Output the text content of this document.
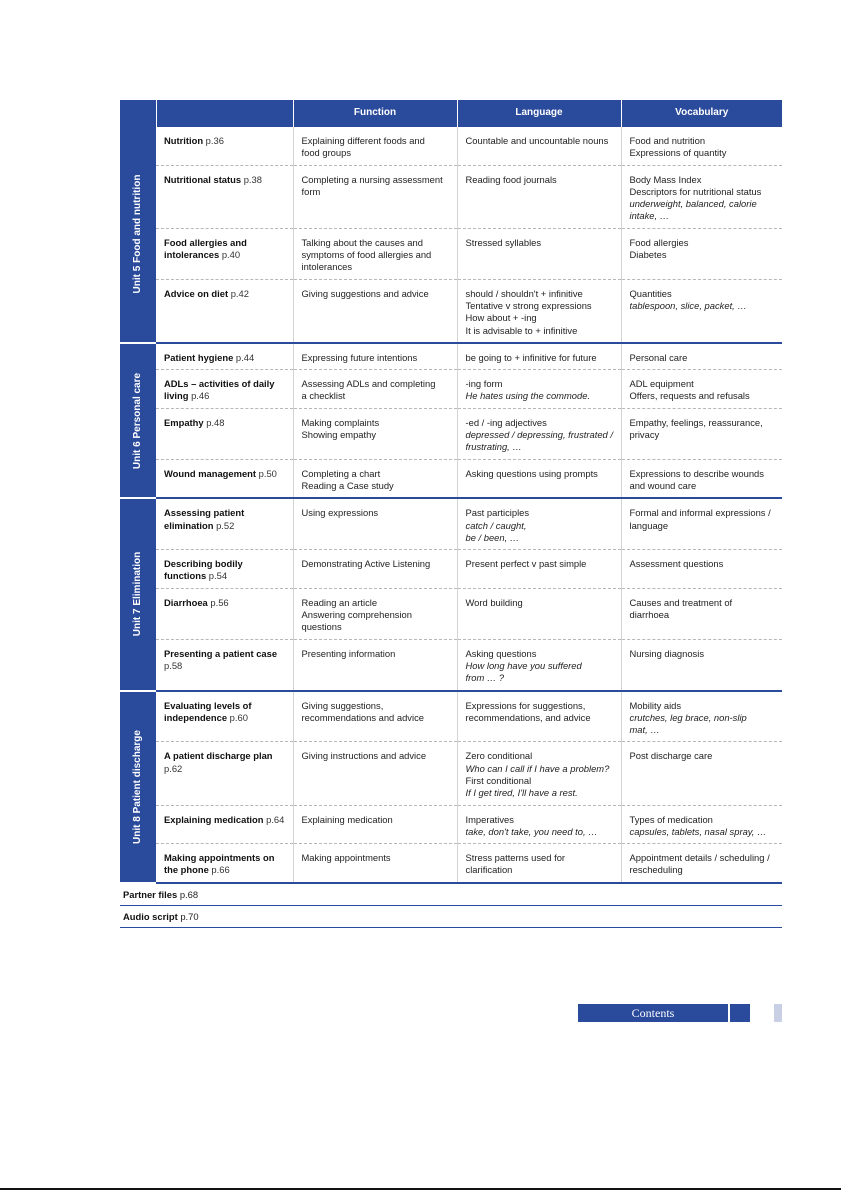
		Function	Language	Vocabulary

Unit 5 Food and nutrition	Nutrition p.36	Explaining different foods and
food groups	Countable and uncountable nouns	Food and nutrition
Expressions of quantity

	Nutritional status p.38	Completing a nursing assessment
form	Reading food journals	Body Mass Index
Descriptors for nutritional status
underweight, balanced, calorie
intake, …

	Food allergies and intolerances p.40	Talking about the causes and
symptoms of food allergies and
intolerances	Stressed syllables	Food allergies
Diabetes

	Advice on diet p.42	Giving suggestions and advice	should / shouldn't + infinitive
Tentative v strong expressions
How about + -ing
It is advisable to + infinitive	Quantities
tablespoon, slice, packet, …

Unit 6 Personal care	Patient hygiene p.44	Expressing future intentions	be going to + infinitive for future	Personal care

	ADLs – activities of daily living p.46	Assessing ADLs and completing
a checklist	-ing form
He hates using the commode.	ADL equipment
Offers, requests and refusals

	Empathy p.48	Making complaints
Showing empathy	-ed / -ing adjectives
depressed / depressing, frustrated /
frustrating, …	Empathy, feelings, reassurance,
privacy

	Wound management p.50	Completing a chart
Reading a Case study	Asking questions using prompts	Expressions to describe wounds
and wound care

Unit 7 Elimination	Assessing patient elimination p.52	Using expressions	Past participles
catch / caught,
be / been, …	Formal and informal expressions /
language

	Describing bodily functions p.54	Demonstrating Active Listening	Present perfect v past simple	Assessment questions

	Diarrhoea p.56	Reading an article
Answering comprehension
questions	Word building	Causes and treatment of
diarrhoea

	Presenting a patient case p.58	Presenting information	Asking questions
How long have you suffered
from … ?	Nursing diagnosis

Unit 8 Patient discharge	Evaluating levels of independence p.60	Giving suggestions,
recommendations and advice	Expressions for suggestions,
recommendations, and advice	Mobility aids
crutches, leg brace, non-slip
mat, …

	A patient discharge plan p.62	Giving instructions and advice	Zero conditional
Who can I call if I have a problem?
First conditional
If I get tired, I'll have a rest.	Post discharge care

	Explaining medication p.64	Explaining medication	Imperatives
take, don't take, you need to, …	Types of medication
capsules, tablets, nasal spray, …

	Making appointments on the phone p.66	Making appointments	Stress patterns used for
clarification	Appointment details / scheduling /
rescheduling
Partner files p.68
Audio script p.70
Contents
